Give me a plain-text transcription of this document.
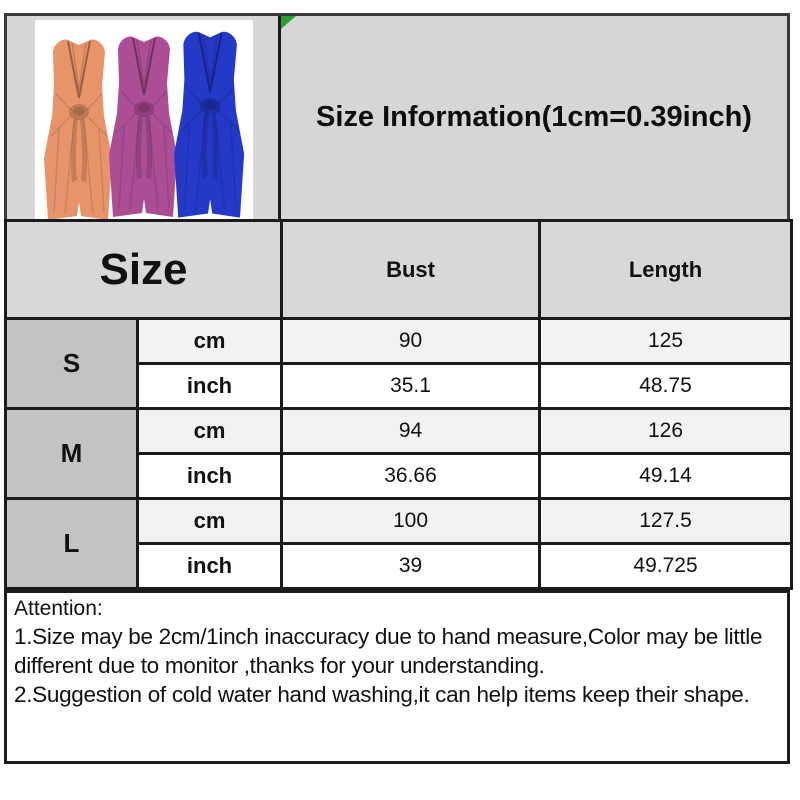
Size Information(1cm=0.39inch)
Size		Bust	Length
S	cm	90	125
	inch	35.1	48.75
M	cm	94	126
	inch	36.66	49.14
L	cm	100	127.5
	inch	39	49.725
Attention:

1.Size may be 2cm/1inch inaccuracy due to hand measure,Color may be little different due to monitor ,thanks for your understanding.

2.Suggestion of cold water hand washing,it can help items keep their shape.
